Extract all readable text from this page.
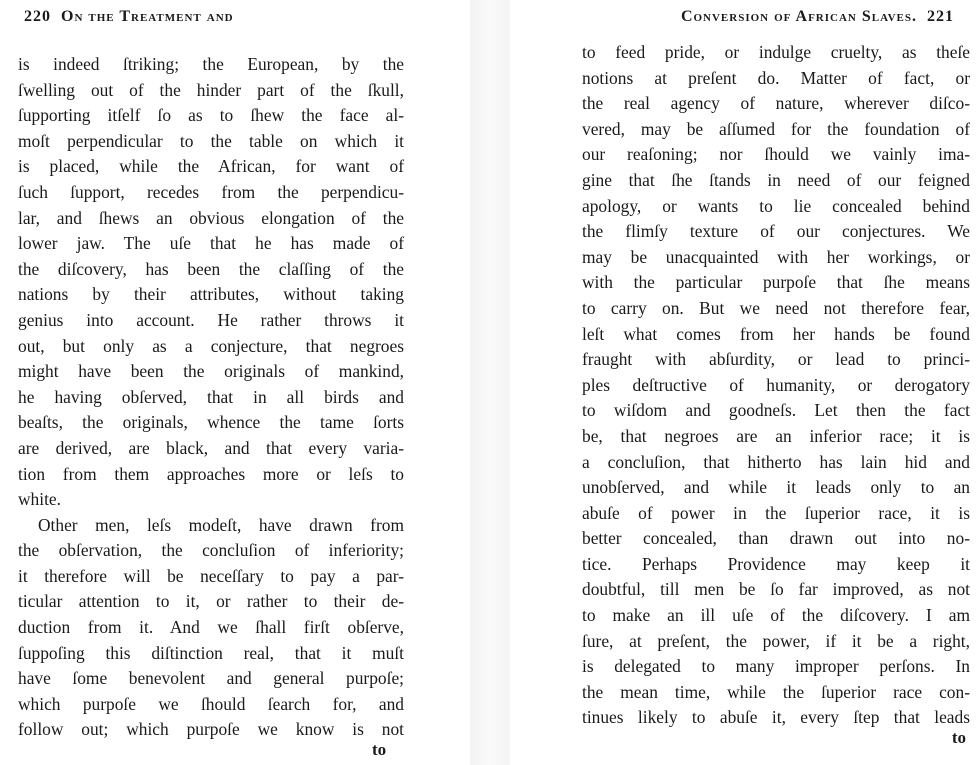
220 On the Treatment and
is indeed ſtriking; the European, by the
ſwelling out of the hinder part of the ſkull,
ſupporting itſelf ſo as to ſhew the face al-
moſt perpendicular to the table on which it
is placed, while the African, for want of
ſuch ſupport, recedes from the perpendicu-
lar, and ſhews an obvious elongation of the
lower jaw. The uſe that he has made of
the diſcovery, has been the claſſing of the
nations by their attributes, without taking
genius into account. He rather throws it
out, but only as a conjecture, that negroes
might have been the originals of mankind,
he having obſerved, that in all birds and
beaſts, the originals, whence the tame ſorts
are derived, are black, and that every varia-
tion from them approaches more or leſs to
white.
Other men, leſs modeſt, have drawn from
the obſervation, the concluſion of inferiority;
it therefore will be neceſſary to pay a par-
ticular attention to it, or rather to their de-
duction from it. And we ſhall firſt obſerve,
ſuppoſing this diſtinction real, that it muſt
have ſome benevolent and general purpoſe;
which purpoſe we ſhould ſearch for, and
follow out; which purpoſe we know is not
to
Conversion of African Slaves. 221
to feed pride, or indulge cruelty, as theſe
notions at preſent do. Matter of fact, or
the real agency of nature, wherever diſco-
vered, may be aſſumed for the foundation of
our reaſoning; nor ſhould we vainly ima-
gine that ſhe ſtands in need of our feigned
apology, or wants to lie concealed behind
the flimſy texture of our conjectures. We
may be unacquainted with her workings, or
with the particular purpoſe that ſhe means
to carry on. But we need not therefore fear,
leſt what comes from her hands be found
fraught with abſurdity, or lead to princi-
ples deſtructive of humanity, or derogatory
to wiſdom and goodneſs. Let then the fact
be, that negroes are an inferior race; it is
a concluſion, that hitherto has lain hid and
unobſerved, and while it leads only to an
abuſe of power in the ſuperior race, it is
better concealed, than drawn out into no-
tice. Perhaps Providence may keep it
doubtful, till men be ſo far improved, as not
to make an ill uſe of the diſcovery. I am
ſure, at preſent, the power, if it be a right,
is delegated to many improper perſons. In
the mean time, while the ſuperior race con-
tinues likely to abuſe it, every ſtep that leads
to
